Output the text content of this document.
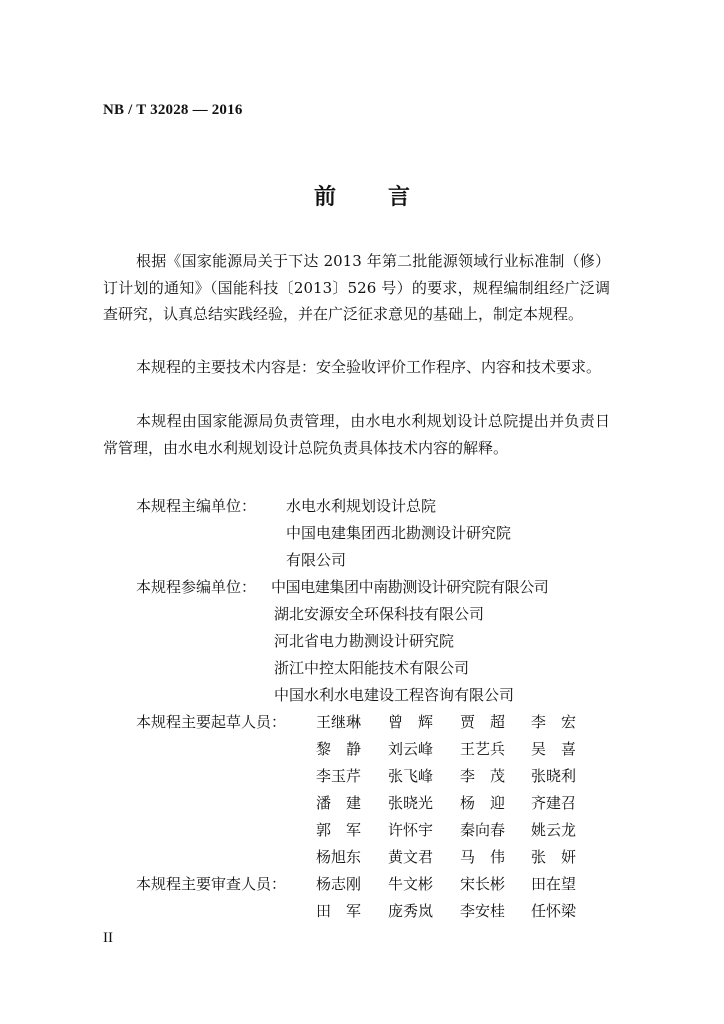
NB / T 32028 — 2016
前 言

根据《国家能源局关于下达 2013 年第二批能源领域行业标准制（修）订计划的通知》（国能科技〔2013〕526 号）的要求，规程编制组经广泛调查研究，认真总结实践经验，并在广泛征求意见的基础上，制定本规程。

本规程的主要技术内容是：安全验收评价工作程序、内容和技术要求。

本规程由国家能源局负责管理，由水电水利规划设计总院提出并负责日常管理，由水电水利规划设计总院负责具体技术内容的解释。

本规程主编单位： 水电水利规划设计总院
中国电建集团西北勘测设计研究院
有限公司
本规程参编单位： 中国电建集团中南勘测设计研究院有限公司
湖北安源安全环保科技有限公司
河北省电力勘测设计研究院
浙江中控太阳能技术有限公司
中国水利水电建设工程咨询有限公司
本规程主要起草人员： 王继琳 曾　辉 贾　超 李　宏
黎　静 刘云峰 王艺兵 吴　喜
李玉芹 张飞峰 李　茂 张晓利
潘　建 张晓光 杨　迎 齐建召
郭　军 许怀宇 秦向春 姚云龙
杨旭东 黄文君 马　伟 张　妍
本规程主要审查人员： 杨志刚 牛文彬 宋长彬 田在望
田　军 庞秀岚 李安桂 任怀梁
II
